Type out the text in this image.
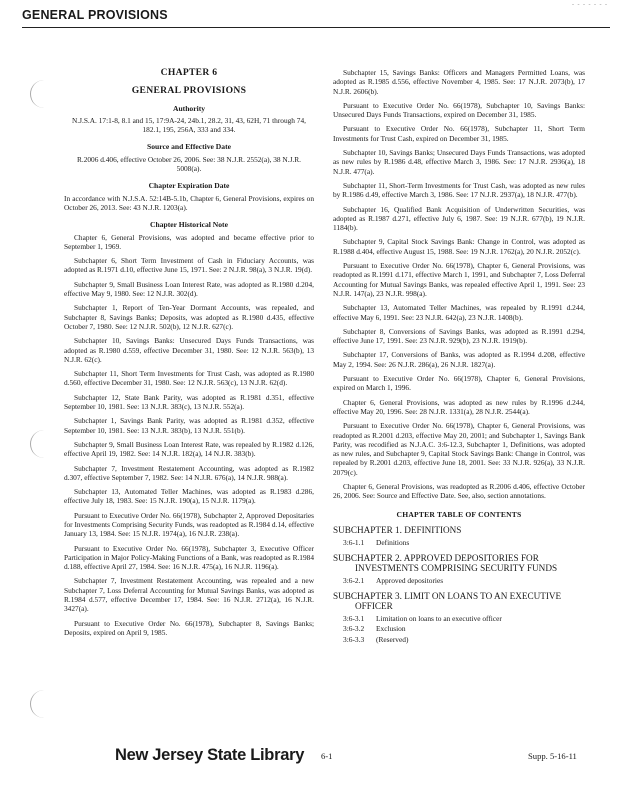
- - - - - - -
GENERAL PROVISIONS
CHAPTER 6
GENERAL PROVISIONS
Authority

N.J.S.A. 17:1-8, 8.1 and 15, 17:9A-24, 24b.1, 28.2, 31, 43, 62H, 71 through 74, 182.1, 195, 256A, 333 and 334.

Source and Effective Date

R.2006 d.406, effective October 26, 2006. See: 38 N.J.R. 2552(a), 38 N.J.R. 5008(a).

Chapter Expiration Date

In accordance with N.J.S.A. 52:14B-5.1b, Chapter 6, General Provisions, expires on October 26, 2013. See: 43 N.J.R. 1203(a).

Chapter Historical Note

Chapter 6, General Provisions, was adopted and became effective prior to September 1, 1969.

Subchapter 6, Short Term Investment of Cash in Fiduciary Accounts, was adopted as R.1971 d.10, effective June 15, 1971. See: 2 N.J.R. 98(a), 3 N.J.R. 19(d).

Subchapter 9, Small Business Loan Interest Rate, was adopted as R.1980 d.204, effective May 9, 1980. See: 12 N.J.R. 302(d).

Subchapter 1, Report of Ten-Year Dormant Accounts, was repealed, and Subchapter 8, Savings Banks; Deposits, was adopted as R.1980 d.435, effective October 7, 1980. See: 12 N.J.R. 502(b), 12 N.J.R. 627(c).

Subchapter 10, Savings Banks: Unsecured Days Funds Transactions, was adopted as R.1980 d.559, effective December 31, 1980. See: 12 N.J.R. 563(b), 13 N.J.R. 62(c).

Subchapter 11, Short Term Investments for Trust Cash, was adopted as R.1980 d.560, effective December 31, 1980. See: 12 N.J.R. 563(c), 13 N.J.R. 62(d).

Subchapter 12, State Bank Parity, was adopted as R.1981 d.351, effective September 10, 1981. See: 13 N.J.R. 383(c), 13 N.J.R. 552(a).

Subchapter 1, Savings Bank Parity, was adopted as R.1981 d.352, effective September 10, 1981. See: 13 N.J.R. 383(b), 13 N.J.R. 551(b).

Subchapter 9, Small Business Loan Interest Rate, was repealed by R.1982 d.126, effective April 19, 1982. See: 14 N.J.R. 182(a), 14 N.J.R. 383(b).

Subchapter 7, Investment Restatement Accounting, was adopted as R.1982 d.307, effective September 7, 1982. See: 14 N.J.R. 676(a), 14 N.J.R. 988(a).

Subchapter 13, Automated Teller Machines, was adopted as R.1983 d.286, effective July 18, 1983. See: 15 N.J.R. 190(a), 15 N.J.R. 1179(a).

Pursuant to Executive Order No. 66(1978), Subchapter 2, Approved Depositaries for Investments Comprising Security Funds, was readopted as R.1984 d.14, effective January 13, 1984. See: 15 N.J.R. 1974(a), 16 N.J.R. 238(a).

Pursuant to Executive Order No. 66(1978), Subchapter 3, Executive Officer Participation in Major Policy-Making Functions of a Bank, was readopted as R.1984 d.188, effective April 27, 1984. See: 16 N.J.R. 475(a), 16 N.J.R. 1196(a).

Subchapter 7, Investment Restatement Accounting, was repealed and a new Subchapter 7, Loss Deferral Accounting for Mutual Savings Banks, was adopted as R.1984 d.577, effective December 17, 1984. See: 16 N.J.R. 2712(a), 16 N.J.R. 3427(a).

Pursuant to Executive Order No. 66(1978), Subchapter 8, Savings Banks; Deposits, expired on April 9, 1985.

Subchapter 15, Savings Banks: Officers and Managers Permitted Loans, was adopted as R.1985 d.556, effective November 4, 1985. See: 17 N.J.R. 2073(b), 17 N.J.R. 2606(b).

Pursuant to Executive Order No. 66(1978), Subchapter 10, Savings Banks: Unsecured Days Funds Transactions, expired on December 31, 1985.

Pursuant to Executive Order No. 66(1978), Subchapter 11, Short Term Investments for Trust Cash, expired on December 31, 1985.

Subchapter 10, Savings Banks; Unsecured Days Funds Transactions, was adopted as new rules by R.1986 d.48, effective March 3, 1986. See: 17 N.J.R. 2936(a), 18 N.J.R. 477(a).

Subchapter 11, Short-Term Investments for Trust Cash, was adopted as new rules by R.1986 d.49, effective March 3, 1986. See: 17 N.J.R. 2937(a), 18 N.J.R. 477(b).

Subchapter 16, Qualified Bank Acquisition of Underwritten Securities, was adopted as R.1987 d.271, effective July 6, 1987. See: 19 N.J.R. 677(b), 19 N.J.R. 1184(b).

Subchapter 9, Capital Stock Savings Bank: Change in Control, was adopted as R.1988 d.404, effective August 15, 1988. See: 19 N.J.R. 1762(a), 20 N.J.R. 2052(c).

Pursuant to Executive Order No. 66(1978), Chapter 6, General Provisions, was readopted as R.1991 d.171, effective March 1, 1991, and Subchapter 7, Loss Deferral Accounting for Mutual Savings Banks, was repealed effective April 1, 1991. See: 23 N.J.R. 147(a), 23 N.J.R. 998(a).

Subchapter 13, Automated Teller Machines, was repealed by R.1991 d.244, effective May 6, 1991. See: 23 N.J.R. 642(a), 23 N.J.R. 1408(b).

Subchapter 8, Conversions of Savings Banks, was adopted as R.1991 d.294, effective June 17, 1991. See: 23 N.J.R. 929(b), 23 N.J.R. 1919(b).

Subchapter 17, Conversions of Banks, was adopted as R.1994 d.208, effective May 2, 1994. See: 26 N.J.R. 286(a), 26 N.J.R. 1827(a).

Pursuant to Executive Order No. 66(1978), Chapter 6, General Provisions, expired on March 1, 1996.

Chapter 6, General Provisions, was adopted as new rules by R.1996 d.244, effective May 20, 1996. See: 28 N.J.R. 1331(a), 28 N.J.R. 2544(a).

Pursuant to Executive Order No. 66(1978), Chapter 6, General Provisions, was readopted as R.2001 d.203, effective May 20, 2001; and Subchapter 1, Savings Bank Parity, was recodified as N.J.A.C. 3:6-12.3, Subchapter 1, Definitions, was adopted as new rules, and Subchapter 9, Capital Stock Savings Bank: Change in Control, was repealed by R.2001 d.203, effective June 18, 2001. See: 33 N.J.R. 926(a), 33 N.J.R. 2079(c).

Chapter 6, General Provisions, was readopted as R.2006 d.406, effective October 26, 2006. See: Source and Effective Date. See, also, section annotations.

CHAPTER TABLE OF CONTENTS
SUBCHAPTER 1. DEFINITIONS
3:6-1.1	Definitions
SUBCHAPTER 2. APPROVED DEPOSITORIES FOR
INVESTMENTS COMPRISING SECURITY FUNDS
3:6-2.1	Approved depositories
SUBCHAPTER 3. LIMIT ON LOANS TO AN EXECUTIVE
OFFICER
3:6-3.1	Limitation on loans to an executive officer
3:6-3.2	Exclusion
3:6-3.3	(Reserved)
New Jersey State Library 6-1	Supp. 5-16-11
